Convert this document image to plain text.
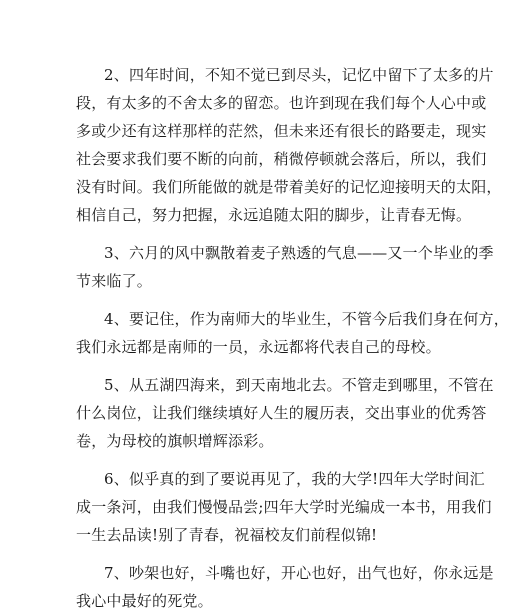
2、四年时间，不知不觉已到尽头，记忆中留下了太多的片
段，有太多的不舍太多的留恋。也许到现在我们每个人心中或
多或少还有这样那样的茫然，但未来还有很长的路要走，现实
社会要求我们要不断的向前，稍微停顿就会落后，所以，我们
没有时间。我们所能做的就是带着美好的记忆迎接明天的太阳，
相信自己，努力把握，永远追随太阳的脚步，让青春无悔。
3、六月的风中飘散着麦子熟透的气息——又一个毕业的季
节来临了。
4、要记住，作为南师大的毕业生，不管今后我们身在何方，
我们永远都是南师的一员，永远都将代表自己的母校。
5、从五湖四海来，到天南地北去。不管走到哪里，不管在
什么岗位，让我们继续填好人生的履历表，交出事业的优秀答
卷，为母校的旗帜增辉添彩。
6、似乎真的到了要说再见了，我的大学!四年大学时间汇
成一条河，由我们慢慢品尝;四年大学时光编成一本书，用我们
一生去品读!别了青春，祝福校友们前程似锦!
7、吵架也好，斗嘴也好，开心也好，出气也好，你永远是
我心中最好的死党。
